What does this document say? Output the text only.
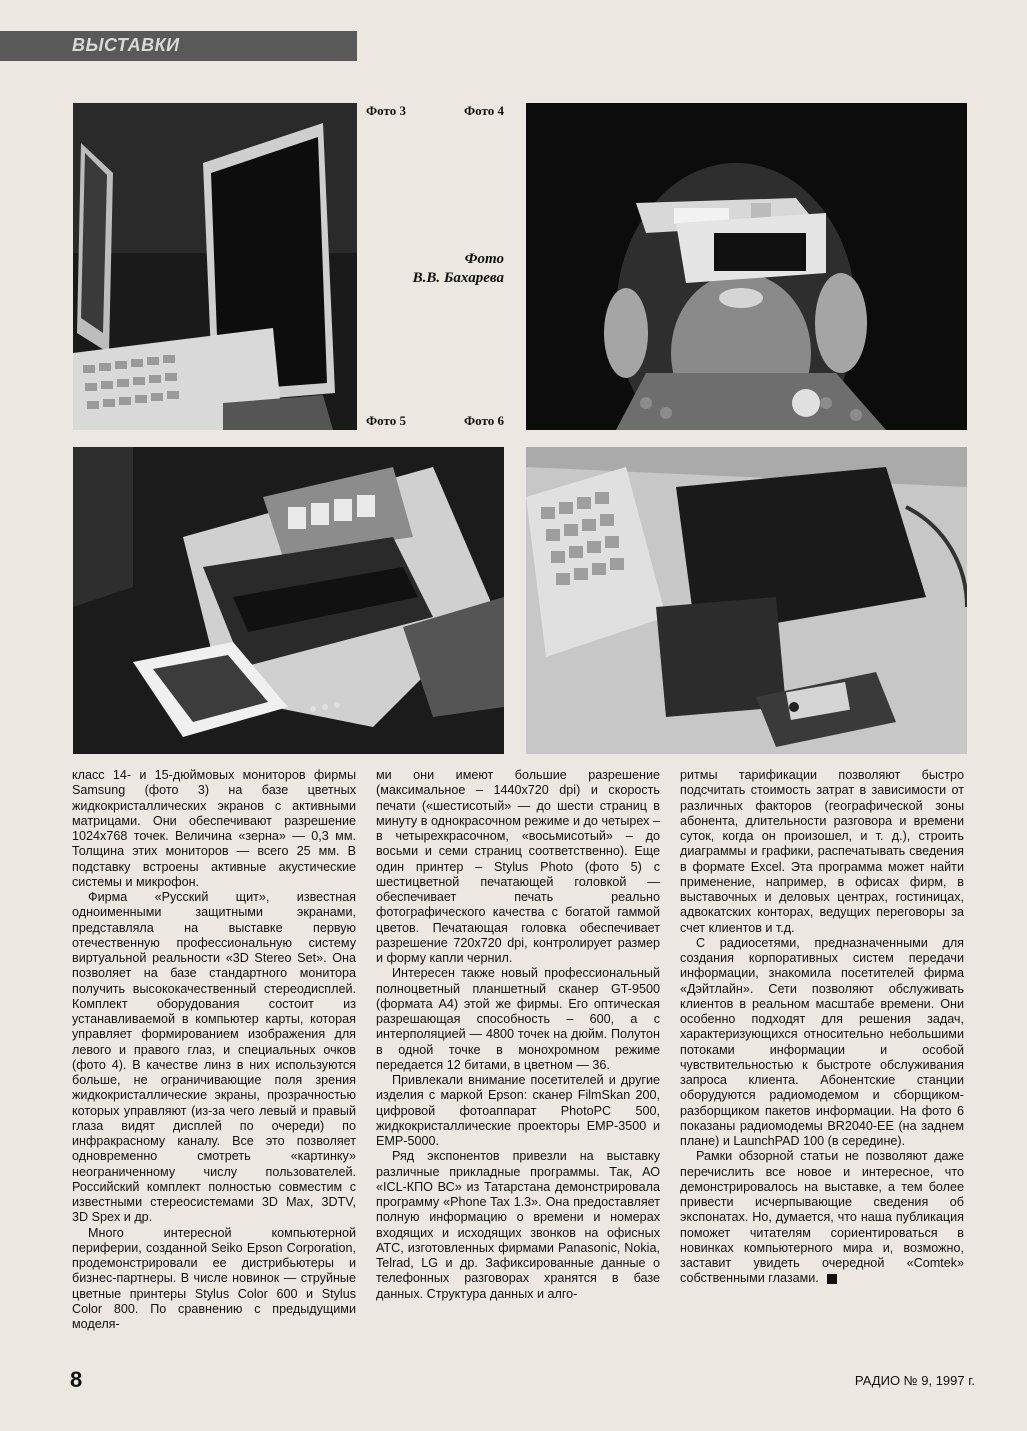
ВЫСТАВКИ
Фото 3	Фото 4
Фото
В.В. Бахарева
Фото 5	Фото 6

класс 14- и 15-дюймовых мониторов фирмы Samsung (фото 3) на базе цветных жидкокристаллических экранов с активными матрицами. Они обеспечивают разрешение 1024x768 точек. Величина «зерна» — 0,3 мм. Толщина этих мониторов — всего 25 мм. В подставку встроены активные акустические системы и микрофон.

Фирма «Русский щит», известная одноименными защитными экранами, представляла на выставке первую отечественную профессиональную систему виртуальной реальности «3D Stereo Set». Она позволяет на базе стандартного монитора получить высококачественный стереодисплей. Комплект оборудования состоит из устанавливаемой в компьютер карты, которая управляет формированием изображения для левого и правого глаз, и специальных очков (фото 4). В качестве линз в них используются больше, не ограничивающие поля зрения жидкокристаллические экраны, прозрачностью которых управляют (из-за чего левый и правый глаза видят дисплей по очереди) по инфракрасному каналу. Все это позволяет одновременно смотреть «картинку» неограниченному числу пользователей. Российский комплект полностью совместим с известными стереосистемами 3D Max, 3DTV, 3D Spex и др.

Много интересной компьютерной периферии, созданной Seiko Epson Corporation, продемонстрировали ее дистрибьютеры и бизнес-партнеры. В числе новинок — струйные цветные принтеры Stylus Color 600 и Stylus Color 800. По сравнению с предыдущими моделя-

ми они имеют большие разрешение (максимальное – 1440x720 dpi) и скорость печати («шестисотый» — до шести страниц в минуту в однокрасочном режиме и до четырех – в четырехкрасочном, «восьмисотый» – до восьми и семи страниц соответственно). Еще один принтер – Stylus Photo (фото 5) с шестицветной печатающей головкой — обеспечивает печать реально фотографического качества с богатой гаммой цветов. Печатающая головка обеспечивает разрешение 720x720 dpi, контролирует размер и форму капли чернил.

Интересен также новый профессиональный полноцветный планшетный сканер GT-9500 (формата А4) этой же фирмы. Его оптическая разрешающая способность – 600, а с интерполяцией — 4800 точек на дюйм. Полутон в одной точке в монохромном режиме передается 12 битами, в цветном — 36.

Привлекали внимание посетителей и другие изделия с маркой Epson: сканер FilmSkan 200, цифровой фотоаппарат PhotoPC 500, жидкокристаллические проекторы EMP-3500 и EMP-5000.

Ряд экспонентов привезли на выставку различные прикладные программы. Так, АО «ICL-КПО ВС» из Татарстана демонстрировала программу «Phone Tax 1.3». Она предоставляет полную информацию о времени и номерах входящих и исходящих звонков на офисных АТС, изготовленных фирмами Panasonic, Nokia, Telrad, LG и др. Зафиксированные данные о телефонных разговорах хранятся в базе данных. Структура данных и алго-

ритмы тарификации позволяют быстро подсчитать стоимость затрат в зависимости от различных факторов (географической зоны абонента, длительности разговора и времени суток, когда он произошел, и т. д.), строить диаграммы и графики, распечатывать сведения в формате Excel. Эта программа может найти применение, например, в офисах фирм, в выставочных и деловых центрах, гостиницах, адвокатских конторах, ведущих переговоры за счет клиентов и т.д.

С радиосетями, предназначенными для создания корпоративных систем передачи информации, знакомила посетителей фирма «Дэйтлайн». Сети позволяют обслуживать клиентов в реальном масштабе времени. Они особенно подходят для решения задач, характеризующихся относительно небольшими потоками информации и особой чувствительностью к быстроте обслуживания запроса клиента. Абонентские станции оборудуются радиомодемом и сборщиком-разборщиком пакетов информации. На фото 6 показаны радиомодемы BR2040-EE (на заднем плане) и LaunchPAD 100 (в середине).

Рамки обзорной статьи не позволяют даже перечислить все новое и интересное, что демонстрировалось на выставке, а тем более привести исчерпывающие сведения об экспонатах. Но, думается, что наша публикация поможет читателям сориентироваться в новинках компьютерного мира и, возможно, заставит увидеть очередной «Comtek» собственными глазами.

8	РАДИО № 9, 1997 г.
